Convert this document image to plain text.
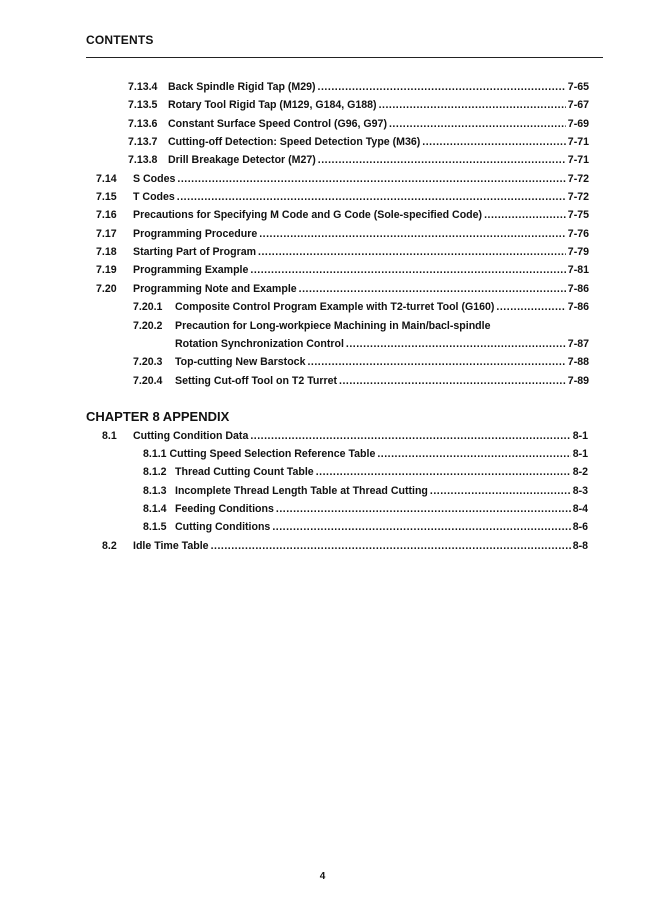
CONTENTS
7.13.4 Back Spindle Rigid Tap (M29) .....	7-65
7.13.5 Rotary Tool Rigid Tap (M129, G184, G188) .....	7-67
7.13.6 Constant Surface Speed Control (G96, G97) .....	7-69
7.13.7 Cutting-off Detection: Speed Detection Type (M36) .....	7-71
7.13.8 Drill Breakage Detector (M27) .....	7-71
7.14 S Codes .....	7-72
7.15 T Codes .....	7-72
7.16 Precautions for Specifying M Code and G Code (Sole-specified Code) .....	7-75
7.17 Programming Procedure .....	7-76
7.18 Starting Part of Program .....	7-79
7.19 Programming Example .....	7-81
7.20 Programming Note and Example .....	7-86
7.20.1 Composite Control Program Example with T2-turret Tool (G160) .....	7-86
7.20.2 Precaution for Long-workpiece Machining in Main/bacl-spindle
Rotation Synchronization Control .....	7-87
7.20.3 Top-cutting New Barstock .....	7-88
7.20.4 Setting Cut-off Tool on T2 Turret .....	7-89
CHAPTER 8 APPENDIX
8.1 Cutting Condition Data .....	8-1
8.1.1 Cutting Speed Selection Reference Table .....	8-1
8.1.2 Thread Cutting Count Table .....	8-2
8.1.3 Incomplete Thread Length Table at Thread Cutting .....	8-3
8.1.4 Feeding Conditions .....	8-4
8.1.5 Cutting Conditions .....	8-6
8.2 Idle Time Table .....	8-8
4
